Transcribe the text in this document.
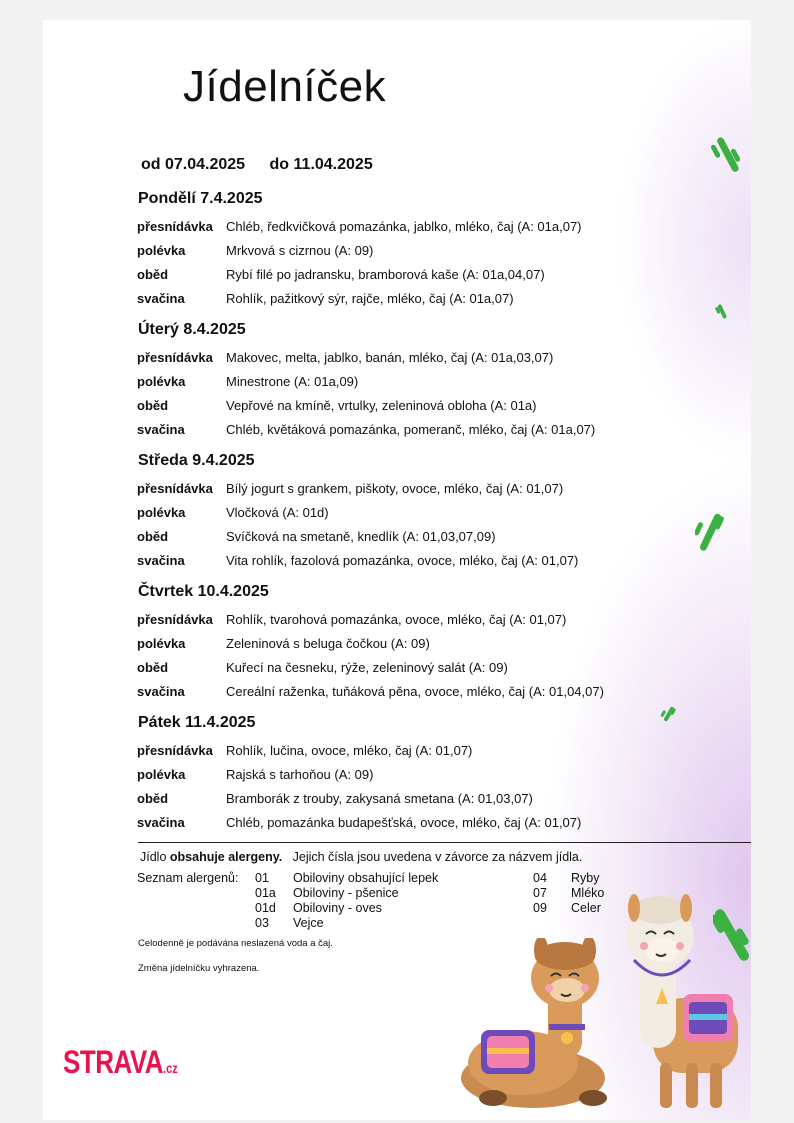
Jídelníček
od 07.04.2025 do 11.04.2025
Pondělí 7.4.2025
přesnídávka Chléb, ředkvičková pomazánka, jablko, mléko, čaj (A: 01a,07)
polévka	Mrkvová s cizrnou (A: 09)
oběd	Rybí filé po jadransku, bramborová kaše (A: 01a,04,07)
svačina	Rohlík, pažitkový sýr, rajče, mléko, čaj (A: 01a,07)
Úterý 8.4.2025
přesnídávka Makovec, melta, jablko, banán, mléko, čaj (A: 01a,03,07)
polévka	Minestrone (A: 01a,09)
oběd	Vepřové na kmíně, vrtulky, zeleninová obloha (A: 01a)
svačina	Chléb, květáková pomazánka, pomeranč, mléko, čaj (A: 01a,07)
Středa 9.4.2025
přesnídávka Bílý jogurt s grankem, piškoty, ovoce, mléko, čaj (A: 01,07)
polévka	Vločková (A: 01d)
oběd	Svíčková na smetaně, knedlík (A: 01,03,07,09)
svačina	Vita rohlík, fazolová pomazánka, ovoce, mléko, čaj (A: 01,07)
Čtvrtek 10.4.2025
přesnídávka Rohlík, tvarohová pomazánka, ovoce, mléko, čaj (A: 01,07)
polévka	Zeleninová s beluga čočkou (A: 09)
oběd	Kuřecí na česneku, rýže, zeleninový salát (A: 09)
svačina	Cereální raženka, tuňáková pěna, ovoce, mléko, čaj (A: 01,04,07)
Pátek 11.4.2025
přesnídávka Rohlík, lučina, ovoce, mléko, čaj (A: 01,07)
polévka	Rajská s tarhoňou (A: 09)
oběd	Bramborák z trouby, zakysaná smetana (A: 01,03,07)
svačina	Chléb, pomazánka budapešťská, ovoce, mléko, čaj (A: 01,07)
Jídlo obsahuje alergeny.   Jejich čísla jsou uvedena v závorce za názvem jídla.
Seznam alergenů: 01 Obiloviny obsahující lepek
01a Obiloviny - pšenice
01d Obiloviny - oves
03 Vejce
04 Ryby
07 Mléko
09 Celer
Celodenně je podávána neslazená voda a čaj.
Změna jídelníčku vyhrazena.
STRAVA.cz
